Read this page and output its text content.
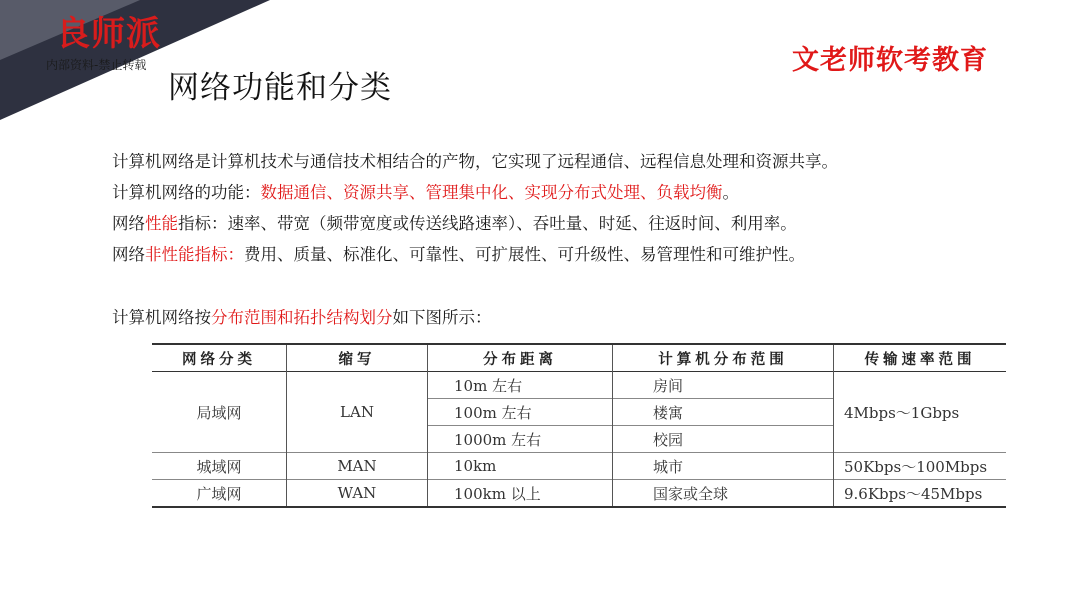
良师派
内部资料-禁止转载
网络功能和分类
文老师软考教育

计算机网络是计算机技术与通信技术相结合的产物，它实现了远程通信、远程信息处理和资源共享。

计算机网络的功能：数据通信、资源共享、管理集中化、实现分布式处理、负载均衡。

网络性能指标：速率、带宽（频带宽度或传送线路速率）、吞吐量、时延、往返时间、利用率。

网络非性能指标：费用、质量、标准化、可靠性、可扩展性、可升级性、易管理性和可维护性。

计算机网络按分布范围和拓扑结构划分如下图所示：
网络分类	缩写	分布距离	计算机分布范围	传输速率范围
局域网	LAN	10m 左右	房间	4Mbps～1Gbps
		100m 左右	楼寓	
		1000m 左右	校园	
城域网	MAN	10km	城市	50Kbps～100Mbps
广域网	WAN	100km 以上	国家或全球	9.6Kbps～45Mbps
